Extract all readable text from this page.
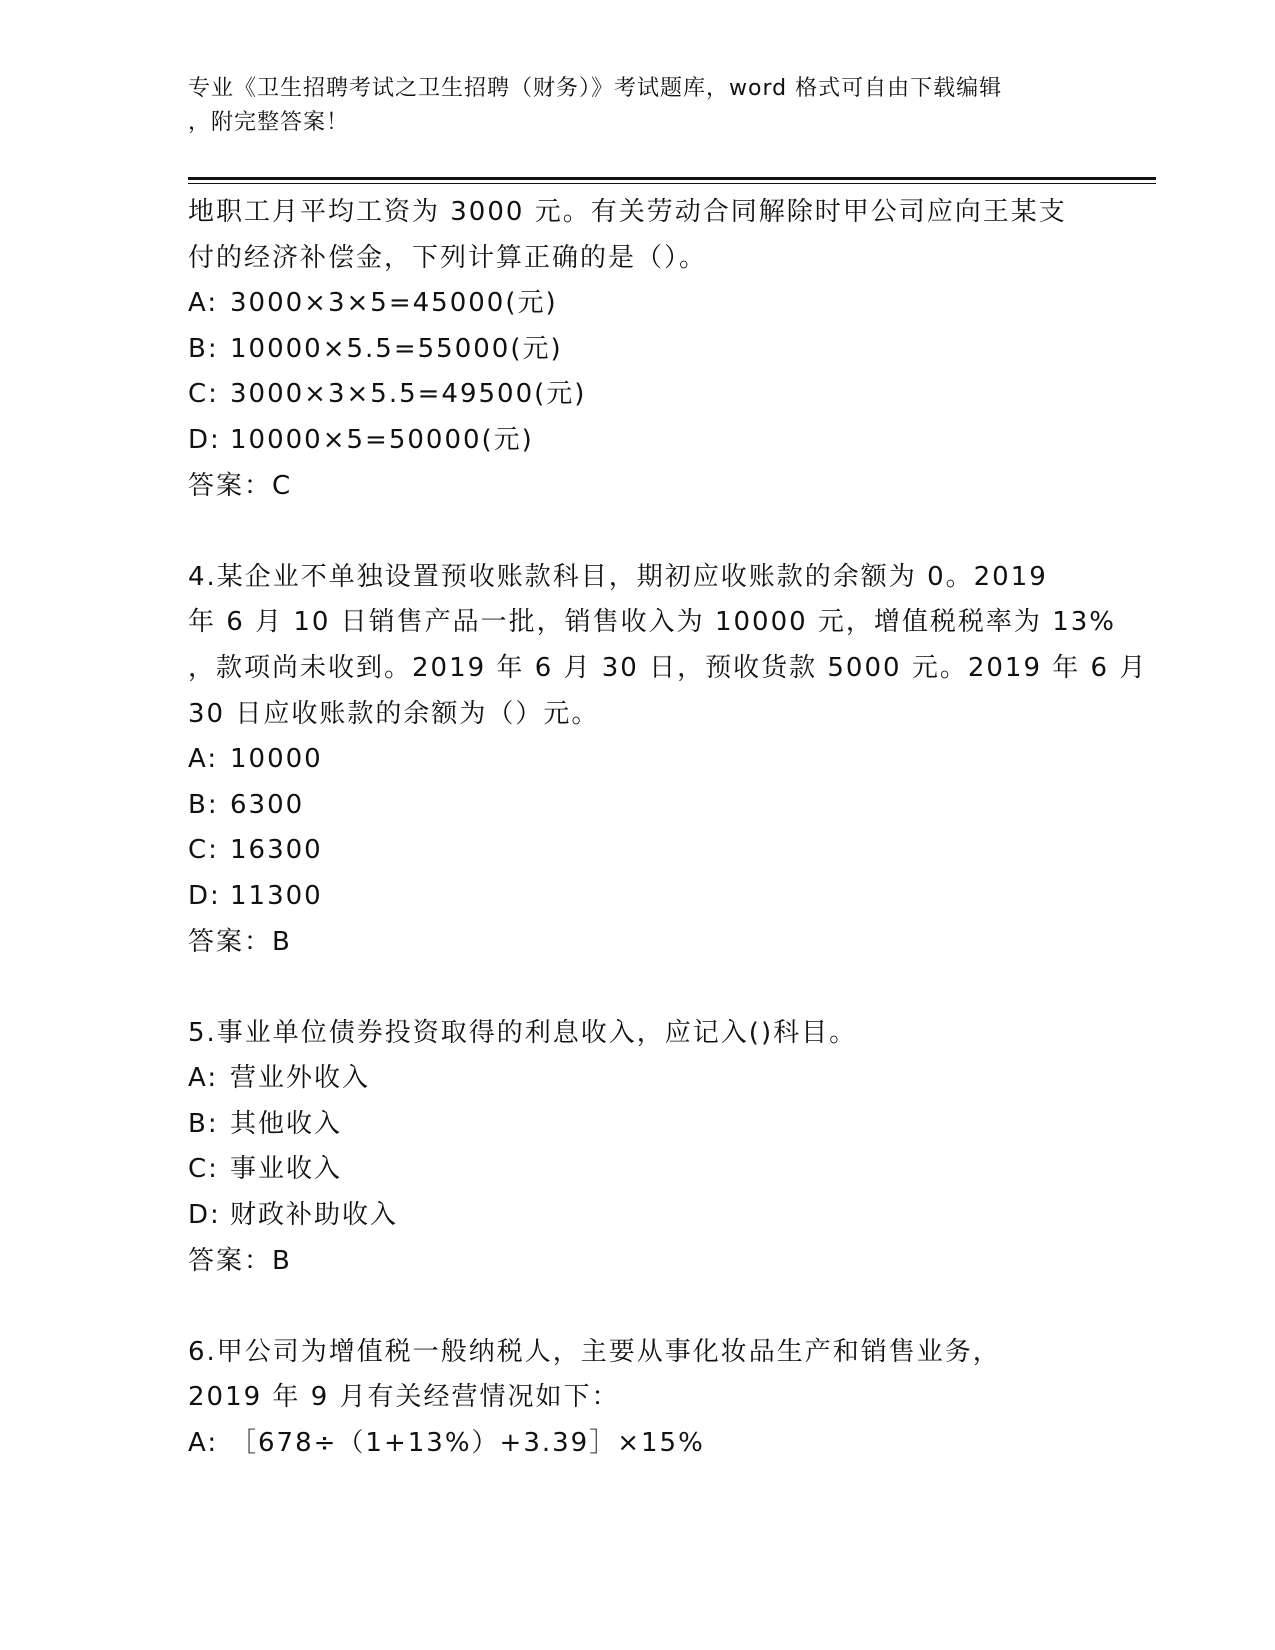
专业《卫生招聘考试之卫生招聘（财务）》考试题库，word 格式可自由下载编辑
，附完整答案！
地职工月平均工资为 3000 元。有关劳动合同解除时甲公司应向王某支
付的经济补偿金，下列计算正确的是（）。
A: 3000×3×5=45000(元)
B: 10000×5.5=55000(元)
C: 3000×3×5.5=49500(元)
D: 10000×5=50000(元)
答案：C
4.某企业不单独设置预收账款科目，期初应收账款的余额为 0。2019
年 6 月 10 日销售产品一批，销售收入为 10000 元，增值税税率为 13%
，款项尚未收到。2019 年 6 月 30 日，预收货款 5000 元。2019 年 6 月
30 日应收账款的余额为（）元。
A: 10000
B: 6300
C: 16300
D: 11300
答案：B
5.事业单位债券投资取得的利息收入，应记入()科目。
A: 营业外收入
B: 其他收入
C: 事业收入
D: 财政补助收入
答案：B
6.甲公司为增值税一般纳税人，主要从事化妆品生产和销售业务，
2019 年 9 月有关经营情况如下：
A: ［678÷（1+13%）+3.39］×15%
